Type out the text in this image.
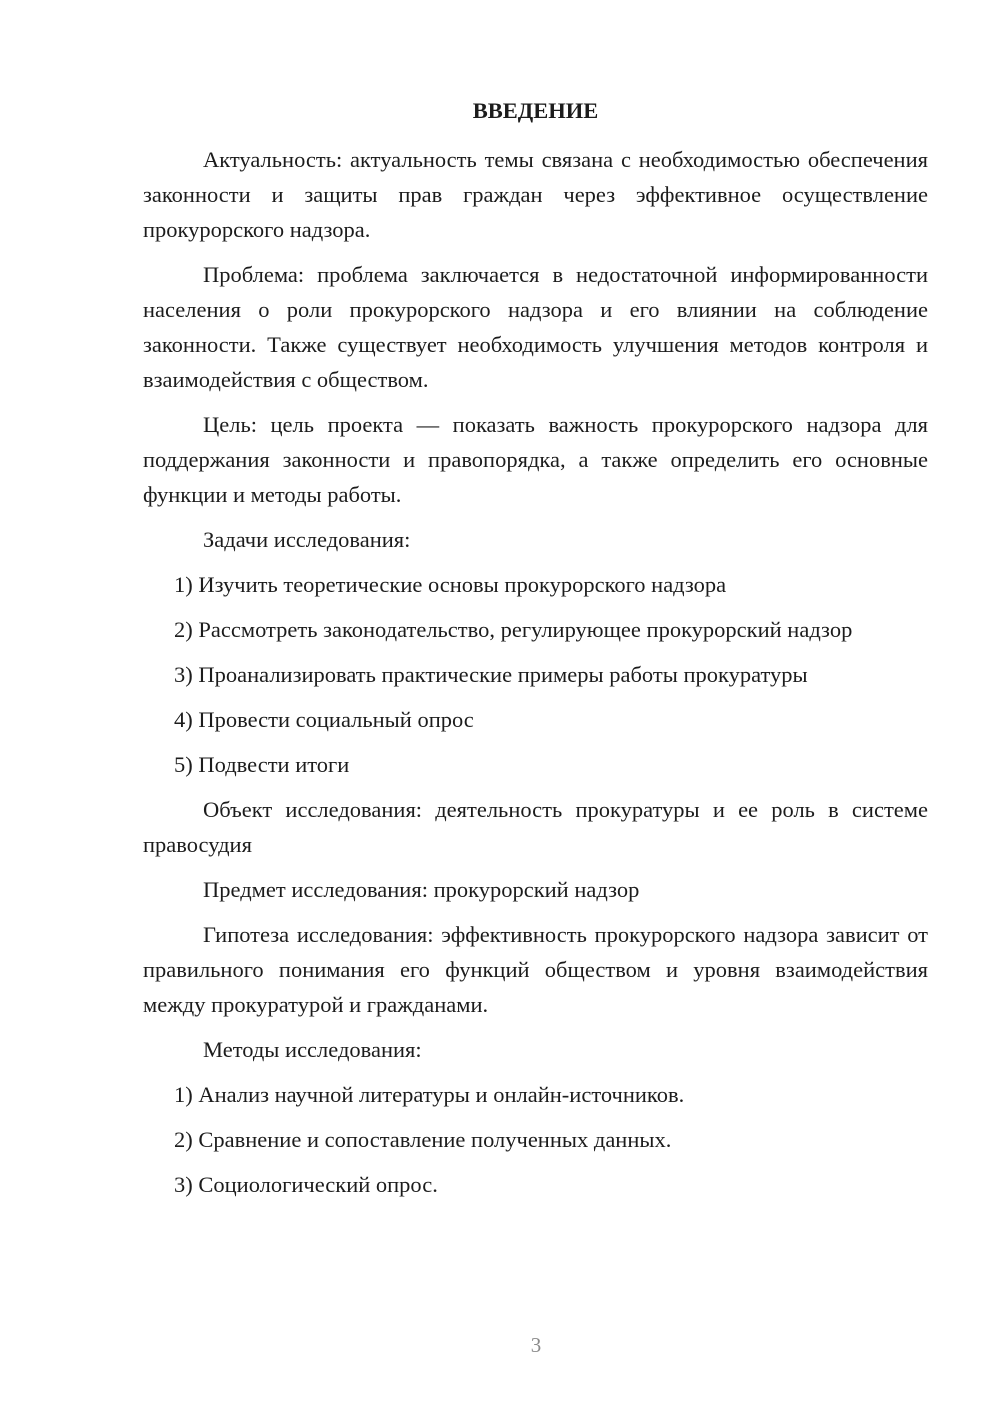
ВВЕДЕНИЕ

Актуальность: актуальность темы связана с необходимостью обеспечения законности и защиты прав граждан через эффективное осуществление прокурорского надзора.

Проблема: проблема заключается в недостаточной информированности населения о роли прокурорского надзора и его влиянии на соблюдение законности. Также существует необходимость улучшения методов контроля и взаимодействия с обществом.

Цель: цель проекта — показать важность прокурорского надзора для поддержания законности и правопорядка, а также определить его основные функции и методы работы.

Задачи исследования:

1) Изучить теоретические основы прокурорского надзора

2) Рассмотреть законодательство, регулирующее прокурорский надзор

3) Проанализировать практические примеры работы прокуратуры

4) Провести социальный опрос

5) Подвести итоги

Объект исследования: деятельность прокуратуры и ее роль в системе правосудия

Предмет исследования: прокурорский надзор

Гипотеза исследования: эффективность прокурорского надзора зависит от правильного понимания его функций обществом и уровня взаимодействия между прокуратурой и гражданами.

Методы исследования:

1) Анализ научной литературы и онлайн-источников.

2) Сравнение и сопоставление полученных данных.

3) Социологический опрос.

3
